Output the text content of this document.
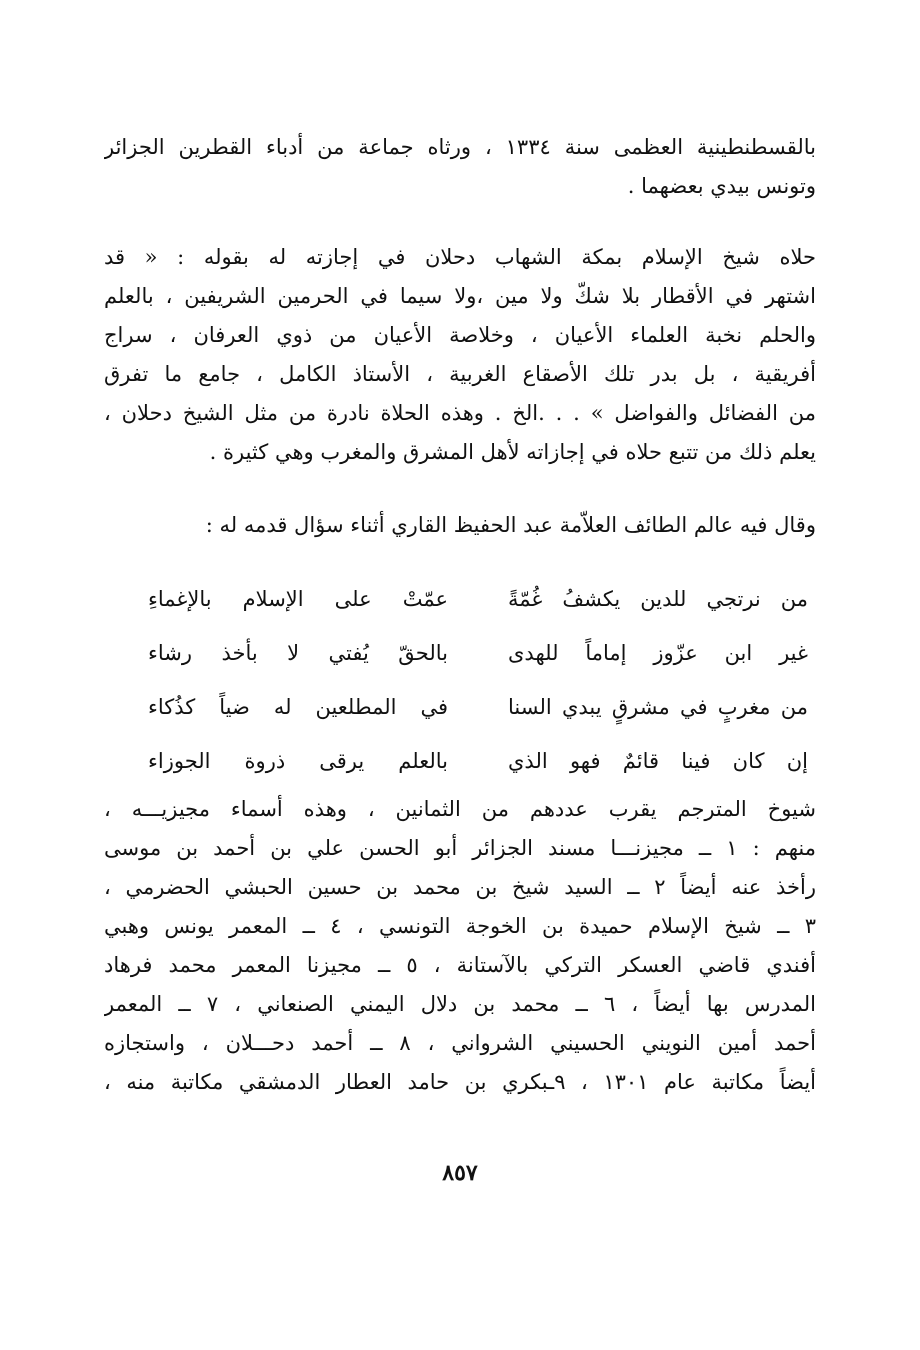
بالقسطنطينية العظمى سنة ١٣٣٤ ، ورثاه جماعة من أدباء القطرين الجزائر
وتونس بيدي بعضهما .
حلاه شيخ الإسلام بمكة الشهاب دحلان في إجازته له بقوله : « قد
اشتهر في الأقطار بلا شكّ ولا مين ،ولا سيما في الحرمين الشريفين ، بالعلم
والحلم نخبة العلماء الأعيان ، وخلاصة الأعيان من ذوي العرفان ، سراج
أفريقية ، بل بدر تلك الأصقاع الغربية ، الأستاذ الكامل ، جامع ما تفرق
من الفضائل والفواضل » . . .الخ . وهذه الحلاة نادرة من مثل الشيخ دحلان ،
يعلم ذلك من تتبع حلاه في إجازاته لأهل المشرق والمغرب وهي كثيرة .
وقال فيه عالم الطائف العلاّمة عبد الحفيظ القاري أثناء سؤال قدمه له :
من نرتجي للدين يكشفُ غُمّةً
عمّتْ على الإسلام بالإغماءِ
غير ابن عزّوز إماماً للهدى
بالحقّ يُفتي لا بأخذ رشاء
من مغربٍ في مشرقٍ يبدي السنا
في المطلعين له ضياً كذُكاء
إن كان فينا قائمٌ فهو الذي
بالعلم يرقى ذروة الجوزاء
شيوخ المترجم يقرب عددهم من الثمانين ، وهذه أسماء مجيزيـــه ،
منهم : ١ ــ مجيزنـــا مسند الجزائر أبو الحسن علي بن أحمد بن موسى
رأخذ عنه أيضاً ٢ ــ السيد شيخ بن محمد بن حسين الحبشي الحضرمي ،
٣ ــ شيخ الإسلام حميدة بن الخوجة التونسي ، ٤ ــ المعمر يونس وهبي
أفندي قاضي العسكر التركي بالآستانة ، ٥ ــ مجيزنا المعمر محمد فرهاد
المدرس بها أيضاً ، ٦ ــ محمد بن دلال اليمني الصنعاني ، ٧ ــ المعمر
أحمد أمين النويني الحسيني الشرواني ، ٨ ــ أحمد دحـــلان ، واستجازه
أيضاً مكاتبة عام ١٣٠١ ، ٩ـبكري بن حامد العطار الدمشقي مكاتبة منه ،
٨٥٧
